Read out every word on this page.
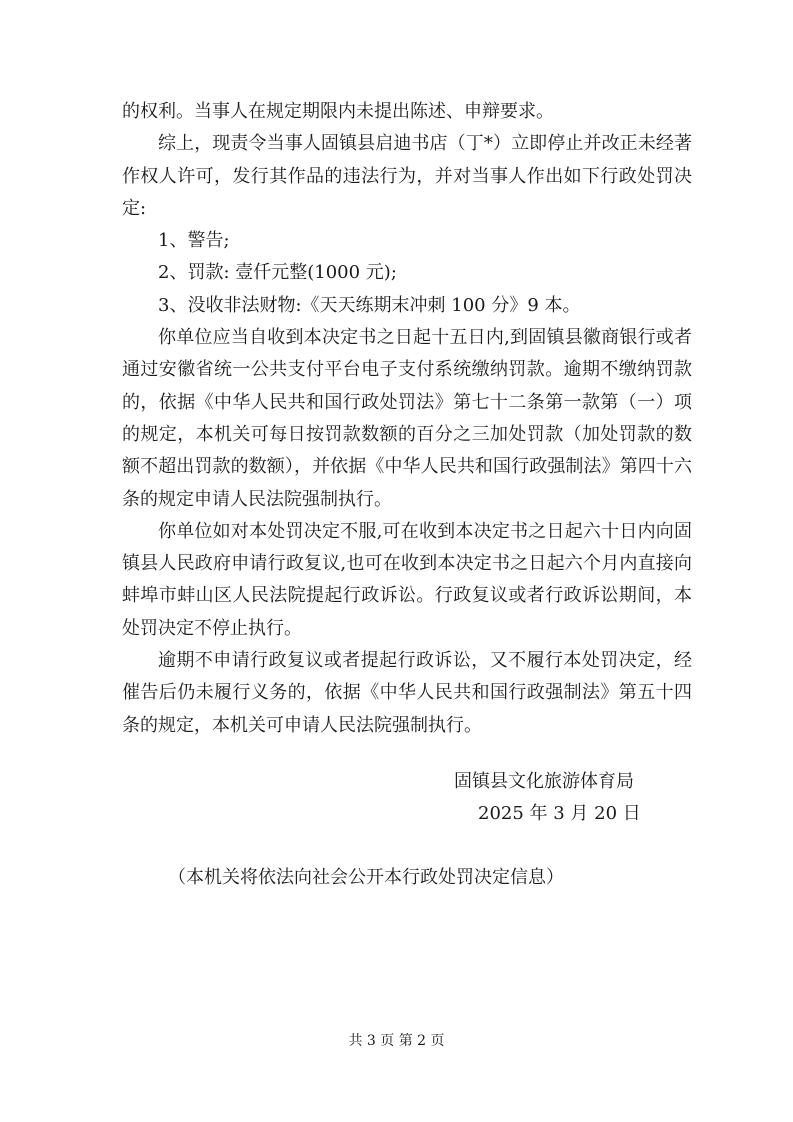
的权利。当事人在规定期限内未提出陈述、申辩要求。

综上，现责令当事人固镇县启迪书店（丁*）立即停止并改正未经著作权人许可，发行其作品的违法行为，并对当事人作出如下行政处罚决定:

1、警告;

2、罚款: 壹仟元整(1000 元);

3、没收非法财物:《天天练期末冲刺 100 分》9 本。

你单位应当自收到本决定书之日起十五日内,到固镇县徽商银行或者通过安徽省统一公共支付平台电子支付系统缴纳罚款。逾期不缴纳罚款的，依据《中华人民共和国行政处罚法》第七十二条第一款第（一）项的规定，本机关可每日按罚款数额的百分之三加处罚款（加处罚款的数额不超出罚款的数额），并依据《中华人民共和国行政强制法》第四十六条的规定申请人民法院强制执行。

你单位如对本处罚决定不服,可在收到本决定书之日起六十日内向固镇县人民政府申请行政复议,也可在收到本决定书之日起六个月内直接向蚌埠市蚌山区人民法院提起行政诉讼。行政复议或者行政诉讼期间，本处罚决定不停止执行。

逾期不申请行政复议或者提起行政诉讼，又不履行本处罚决定，经催告后仍未履行义务的，依据《中华人民共和国行政强制法》第五十四条的规定，本机关可申请人民法院强制执行。

固镇县文化旅游体育局
2025 年 3 月 20 日
（本机关将依法向社会公开本行政处罚决定信息）
共 3 页 第 2 页
